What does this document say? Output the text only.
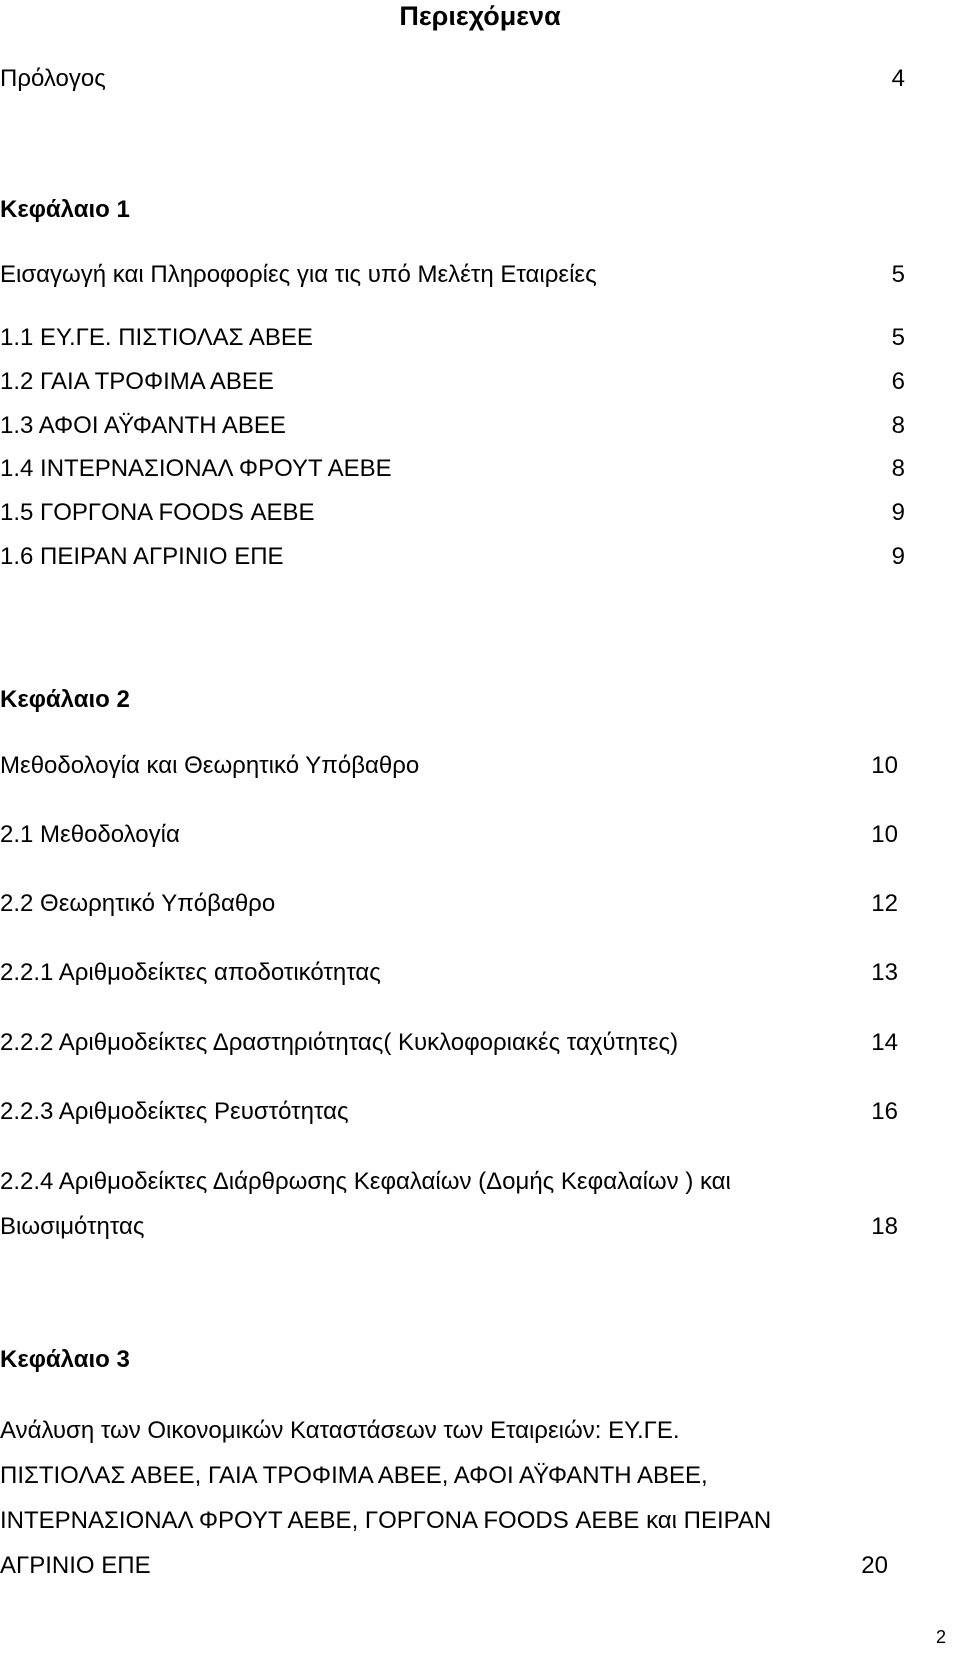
Περιεχόμενα
Πρόλογος	4
Κεφάλαιο 1
Εισαγωγή και Πληροφορίες για τις υπό Μελέτη Εταιρείες	5
1.1 ΕΥ.ΓΕ. ΠΙΣΤΙΟΛΑΣ ΑΒΕΕ	5
1.2 ΓΑΙΑ ΤΡΟΦΙΜΑ ΑΒΕΕ	6
1.3 ΑΦΟΙ ΑΫΦΑΝΤΗ ΑΒΕΕ	8
1.4 ΙΝΤΕΡΝΑΣΙΟΝΑΛ ΦΡΟΥΤ ΑΕΒΕ	8
1.5 ΓΟΡΓΟΝΑ FOODS ΑΕΒΕ	9
1.6 ΠΕΙΡΑΝ ΑΓΡΙΝΙΟ ΕΠΕ	9
Κεφάλαιο 2
Μεθοδολογία και Θεωρητικό Υπόβαθρο	10
2.1 Μεθοδολογία	10
2.2 Θεωρητικό Υπόβαθρο	12
2.2.1 Αριθμοδείκτες αποδοτικότητας	13
2.2.2 Αριθμοδείκτες Δραστηριότητας( Κυκλοφοριακές ταχύτητες)	14
2.2.3 Αριθμοδείκτες Ρευστότητας	16
2.2.4 Αριθμοδείκτες Διάρθρωσης Κεφαλαίων (Δομής Κεφαλαίων ) και
Βιωσιμότητας	18
Κεφάλαιο 3
Ανάλυση των Οικονομικών Καταστάσεων των Εταιρειών: ΕΥ.ΓΕ.
ΠΙΣΤΙΟΛΑΣ ΑΒΕΕ, ΓΑΙΑ ΤΡΟΦΙΜΑ ΑΒΕΕ, ΑΦΟΙ ΑΫΦΑΝΤΗ ΑΒΕΕ,
ΙΝΤΕΡΝΑΣΙΟΝΑΛ ΦΡΟΥΤ ΑΕΒΕ, ΓΟΡΓΟΝΑ FOODS ΑΕΒΕ και ΠΕΙΡΑΝ
ΑΓΡΙΝΙΟ ΕΠΕ	20
2
